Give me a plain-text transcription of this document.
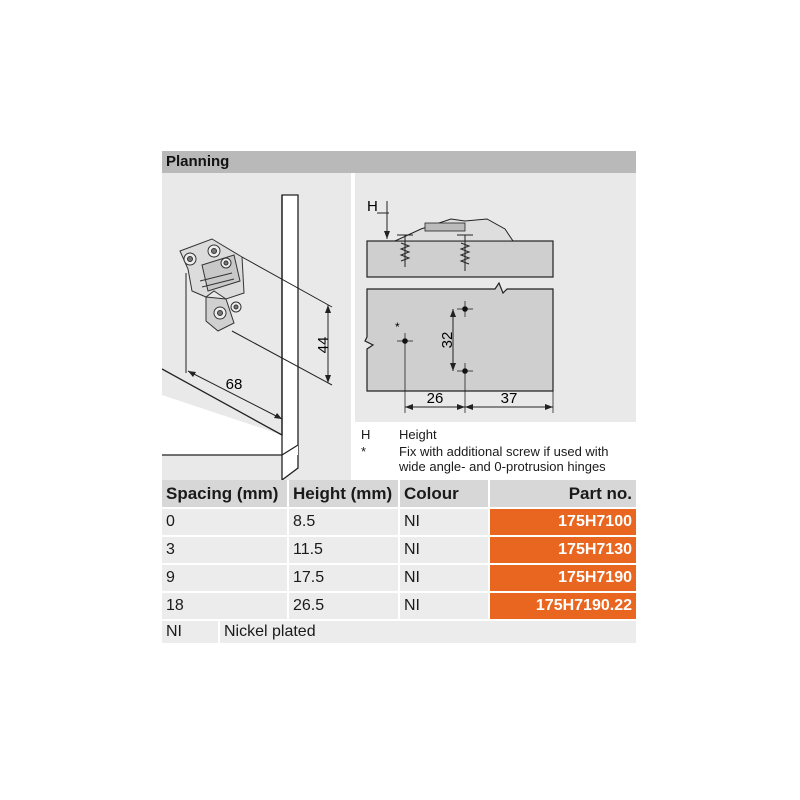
Planning
44
68
H
*
32
26	37
H	Height
*	Fix with additional screw if used with wide angle- and 0-protrusion hinges
Spacing (mm)	Height (mm)	Colour	Part no.
0	8.5	NI	175H7100
3	11.5	NI	175H7130
9	17.5	NI	175H7190
18	26.5	NI	175H7190.22
NI	Nickel plated
